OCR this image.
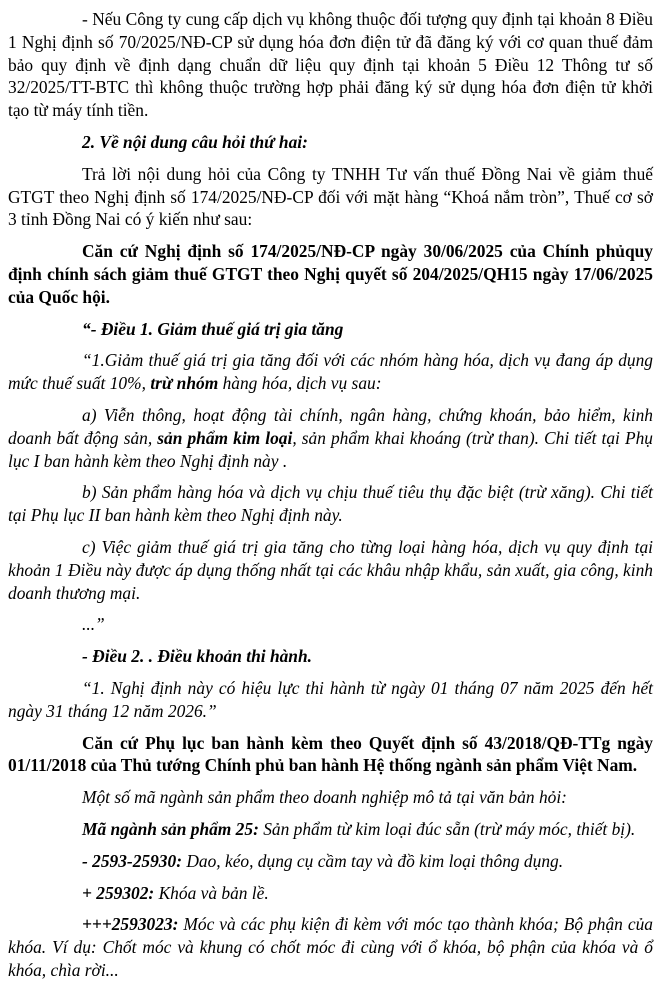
- Nếu Công ty cung cấp dịch vụ không thuộc đối tượng quy định tại khoản 8 Điều 1 Nghị định số 70/2025/NĐ-CP sử dụng hóa đơn điện tử đã đăng ký với cơ quan thuế đảm bảo quy định về định dạng chuẩn dữ liệu quy định tại khoản 5 Điều 12 Thông tư số 32/2025/TT-BTC thì không thuộc trường hợp phải đăng ký sử dụng hóa đơn điện tử khởi tạo từ máy tính tiền.

2. Về nội dung câu hỏi thứ hai:

Trả lời nội dung hỏi của Công ty TNHH Tư vấn thuế Đồng Nai về giảm thuế GTGT theo Nghị định số 174/2025/NĐ-CP đối với mặt hàng “Khoá nắm tròn”, Thuế cơ sở 3 tỉnh Đồng Nai có ý kiến như sau:

Căn cứ Nghị định số 174/2025/NĐ-CP ngày 30/06/2025 của Chính phủquy định chính sách giảm thuế GTGT theo Nghị quyết số 204/2025/QH15 ngày 17/06/2025 của Quốc hội.

“- Điều 1. Giảm thuế giá trị gia tăng

“1.Giảm thuế giá trị gia tăng đối với các nhóm hàng hóa, dịch vụ đang áp dụng mức thuế suất 10%, trừ nhóm hàng hóa, dịch vụ sau:

a) Viễn thông, hoạt động tài chính, ngân hàng, chứng khoán, bảo hiểm, kinh doanh bất động sản, sản phẩm kim loại, sản phẩm khai khoáng (trừ than). Chi tiết tại Phụ lục I ban hành kèm theo Nghị định này .

b) Sản phẩm hàng hóa và dịch vụ chịu thuế tiêu thụ đặc biệt (trừ xăng). Chi tiết tại Phụ lục II ban hành kèm theo Nghị định này.

c) Việc giảm thuế giá trị gia tăng cho từng loại hàng hóa, dịch vụ quy định tại khoản 1 Điều này được áp dụng thống nhất tại các khâu nhập khẩu, sản xuất, gia công, kinh doanh thương mại.

...”

- Điều 2. . Điều khoản thi hành.

“1. Nghị định này có hiệu lực thi hành từ ngày 01 tháng 07 năm 2025 đến hết ngày 31 tháng 12 năm 2026.”

Căn cứ Phụ lục ban hành kèm theo Quyết định số 43/2018/QĐ-TTg ngày 01/11/2018 của Thủ tướng Chính phủ ban hành Hệ thống ngành sản phẩm Việt Nam.

Một số mã ngành sản phẩm theo doanh nghiệp mô tả tại văn bản hỏi:

Mã ngành sản phẩm 25: Sản phẩm từ kim loại đúc sẵn (trừ máy móc, thiết bị).

- 2593-25930: Dao, kéo, dụng cụ cầm tay và đồ kim loại thông dụng.

+ 259302: Khóa và bản lề.

+++2593023: Móc và các phụ kiện đi kèm với móc tạo thành khóa; Bộ phận của khóa. Ví dụ: Chốt móc và khung có chốt móc đi cùng với ổ khóa, bộ phận của khóa và ổ khóa, chìa rời...
